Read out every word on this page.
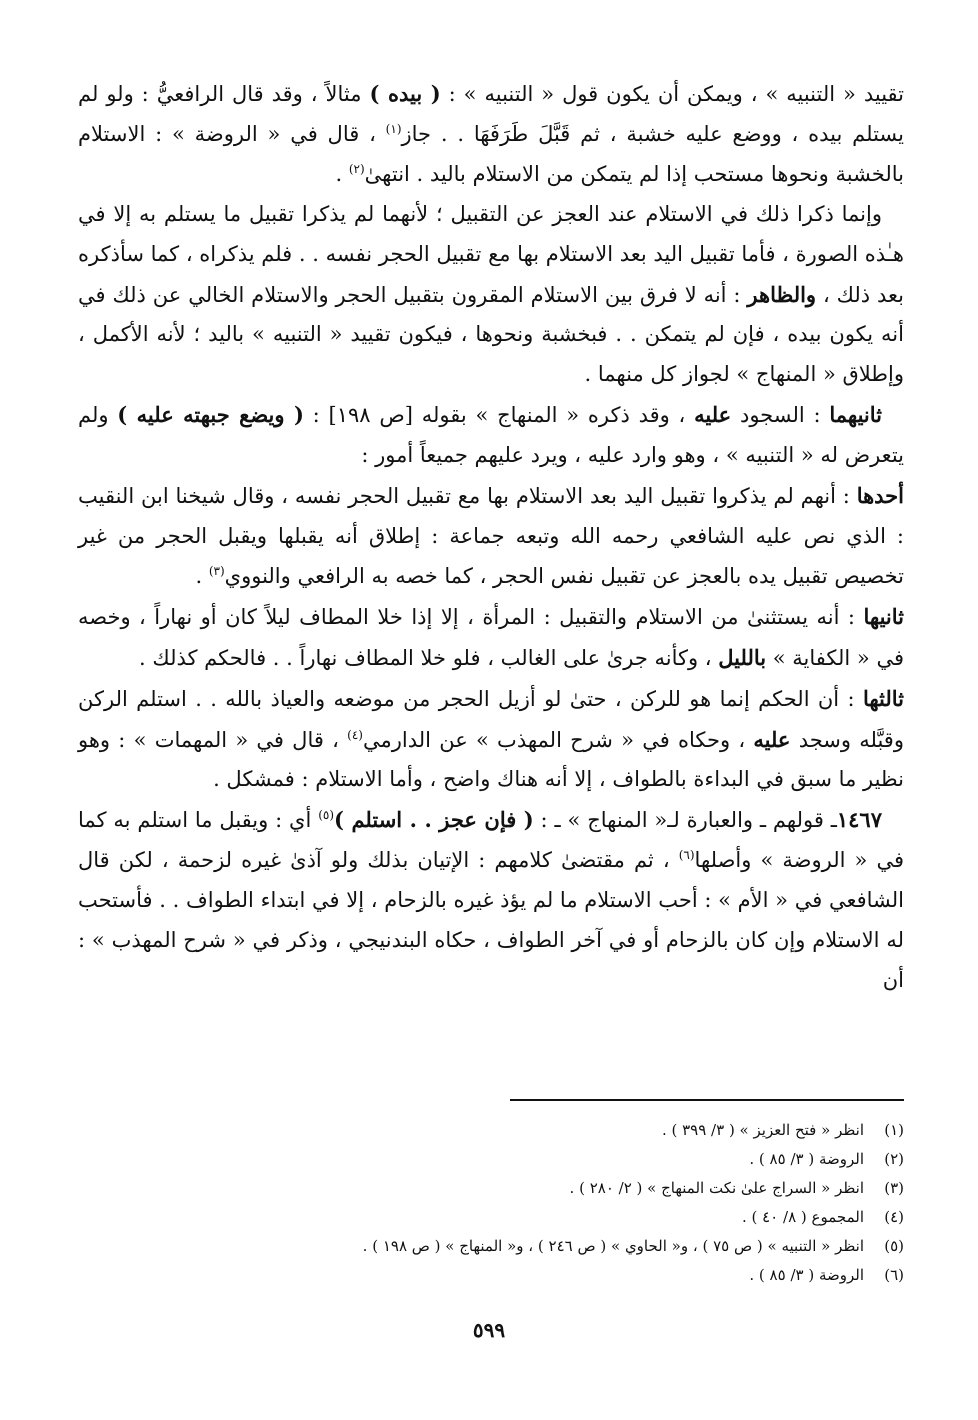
تقييد « التنبيه » ، ويمكن أن يكون قول « التنبيه » : ( بيده ) مثالاً ، وقد قال الرافعيُّ : ولو لم يستلم بيده ، ووضع عليه خشبة ، ثم قَبَّلَ طَرَفَهَا . . جاز$^{(١)}$ ، قال في « الروضة » : الاستلام بالخشبة ونحوها مستحب إذا لم يتمكن من الاستلام باليد . انتهىٰ$^{(٢)}$ .

وإنما ذكرا ذلك في الاستلام عند العجز عن التقبيل ؛ لأنهما لم يذكرا تقبيل ما يستلم به إلا في هـٰذه الصورة ، فأما تقبيل اليد بعد الاستلام بها مع تقبيل الحجر نفسه . . فلم يذكراه ، كما سأذكره بعد ذلك ، والظاهر : أنه لا فرق بين الاستلام المقرون بتقبيل الحجر والاستلام الخالي عن ذلك في أنه يكون بيده ، فإن لم يتمكن . . فبخشبة ونحوها ، فيكون تقييد « التنبيه » باليد ؛ لأنه الأكمل ، وإطلاق « المنهاج » لجواز كل منهما .

ثانيهما : السجود عليه ، وقد ذكره « المنهاج » بقوله [ص ١٩٨] : ( ويضع جبهته عليه ) ولم يتعرض له « التنبيه » ، وهو وارد عليه ، ويرد عليهم جميعاً أمور :

أحدها : أنهم لم يذكروا تقبيل اليد بعد الاستلام بها مع تقبيل الحجر نفسه ، وقال شيخنا ابن النقيب : الذي نص عليه الشافعي رحمه الله وتبعه جماعة : إطلاق أنه يقبلها ويقبل الحجر من غير تخصيص تقبيل يده بالعجز عن تقبيل نفس الحجر ، كما خصه به الرافعي والنووي$^{(٣)}$ .

ثانيها : أنه يستثنىٰ من الاستلام والتقبيل : المرأة ، إلا إذا خلا المطاف ليلاً كان أو نهاراً ، وخصه في « الكفاية » بالليل ، وكأنه جرىٰ على الغالب ، فلو خلا المطاف نهاراً . . فالحكم كذلك .

ثالثها : أن الحكم إنما هو للركن ، حتىٰ لو أزيل الحجر من موضعه والعياذ بالله . . استلم الركن وقبَّله وسجد عليه ، وحكاه في « شرح المهذب » عن الدارمي$^{(٤)}$ ، قال في « المهمات » : وهو نظير ما سبق في البداءة بالطواف ، إلا أنه هناك واضح ، وأما الاستلام : فمشكل .

١٤٦٧ـ قولهم ـ والعبارة لـ« المنهاج » ـ : ( فإن عجز . . استلم )$^{(٥)}$ أي : ويقبل ما استلم به كما في « الروضة » وأصلها$^{(٦)}$ ، ثم مقتضىٰ كلامهم : الإتيان بذلك ولو آذىٰ غيره لزحمة ، لكن قال الشافعي في « الأم » : أحب الاستلام ما لم يؤذ غيره بالزحام ، إلا في ابتداء الطواف . . فأستحب له الاستلام وإن كان بالزحام أو في آخر الطواف ، حكاه البندنيجي ، وذكر في « شرح المهذب » : أن

(١)انظر « فتح العزيز » ( ٣/ ٣٩٩ ) .
(٢)الروضة ( ٣/ ٨٥ ) .
(٣)انظر « السراج علىٰ نكت المنهاج » ( ٢/ ٢٨٠ ) .
(٤)المجموع ( ٨/ ٤٠ ) .
(٥)انظر « التنبيه » ( ص ٧٥ ) ، و« الحاوي » ( ص ٢٤٦ ) ، و« المنهاج » ( ص ١٩٨ ) .
(٦)الروضة ( ٣/ ٨٥ ) .
٥٩٩
